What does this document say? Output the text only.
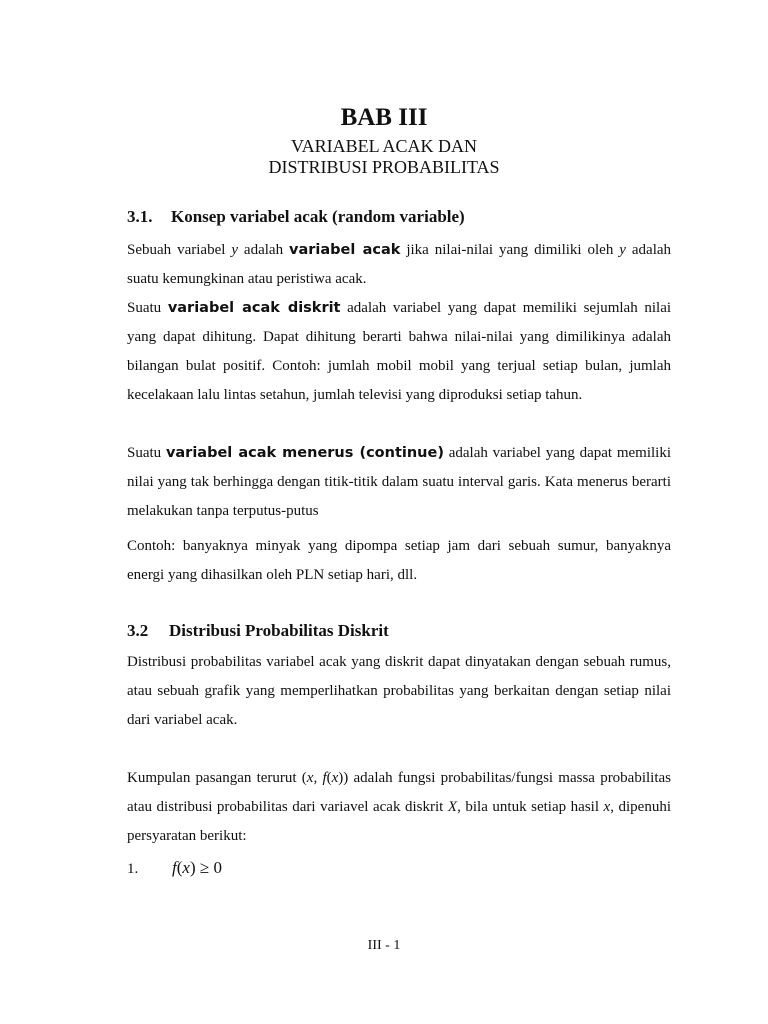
BAB III

VARIABEL ACAK DAN

DISTRIBUSI PROBABILITAS

3.1. Konsep variabel acak (random variable)

Sebuah variabel y adalah variabel acak jika nilai-nilai yang dimiliki oleh y adalah suatu kemungkinan atau peristiwa acak.

Suatu variabel acak diskrit adalah variabel yang dapat memiliki sejumlah nilai yang dapat dihitung. Dapat dihitung berarti bahwa nilai-nilai yang dimilikinya adalah bilangan bulat positif. Contoh: jumlah mobil mobil yang terjual setiap bulan, jumlah kecelakaan lalu lintas setahun, jumlah televisi yang diproduksi setiap tahun.

Suatu variabel acak menerus (continue) adalah variabel yang dapat memiliki nilai yang tak berhingga dengan titik-titik dalam suatu interval garis. Kata menerus berarti melakukan tanpa terputus-putus

Contoh: banyaknya minyak yang dipompa setiap jam dari sebuah sumur, banyaknya energi yang dihasilkan oleh PLN setiap hari, dll.

3.2 Distribusi Probabilitas Diskrit

Distribusi probabilitas variabel acak yang diskrit dapat dinyatakan dengan sebuah rumus, atau sebuah grafik yang memperlihatkan probabilitas yang berkaitan dengan setiap nilai dari variabel acak.

Kumpulan pasangan terurut (x, f(x)) adalah fungsi probabilitas/fungsi massa probabilitas atau distribusi probabilitas dari variavel acak diskrit X, bila untuk setiap hasil x, dipenuhi persyaratan berikut:

1. f(x) ≥ 0

III - 1
